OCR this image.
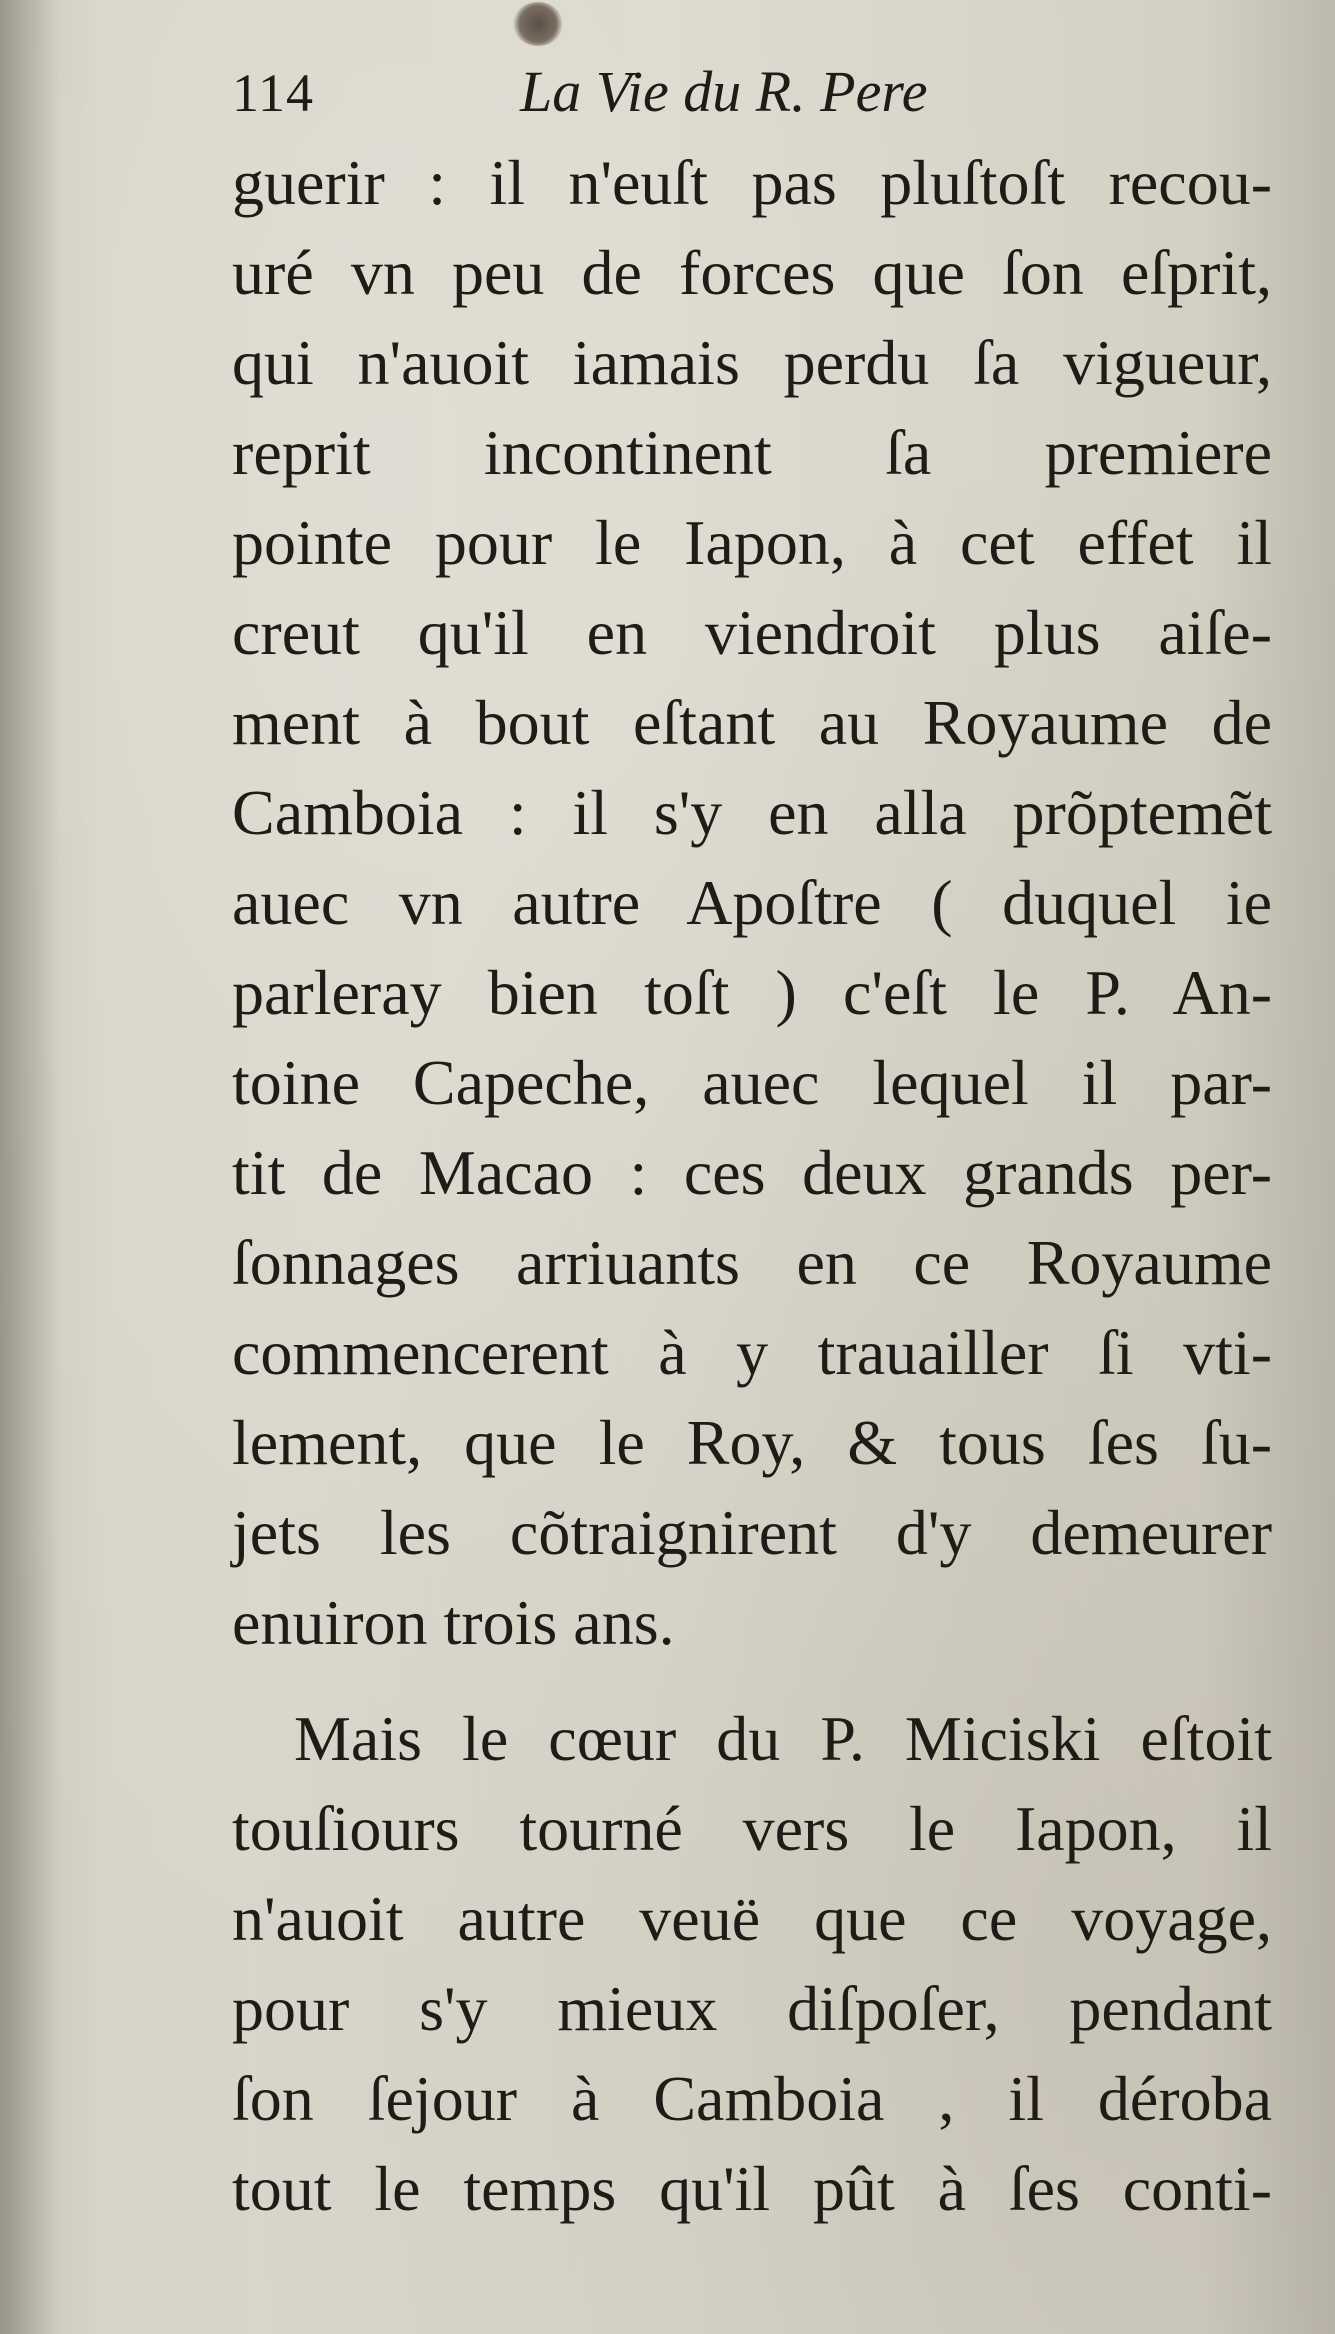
114	La Vie du R. Pere
guerir : il n'euſt pas pluſtoſt recou-
uré vn peu de forces que ſon eſprit,
qui n'auoit iamais perdu ſa vigueur,
reprit incontinent ſa premiere
pointe pour le Iapon, à cet effet il
creut qu'il en viendroit plus aiſe-
ment à bout eſtant au Royaume de
Camboia : il s'y en alla prõptemẽt
auec vn autre Apoſtre ( duquel ie
parleray bien toſt ) c'eſt le P. An-
toine Capeche, auec lequel il par-
tit de Macao : ces deux grands per-
ſonnages arriuants en ce Royaume
commencerent à y trauailler ſi vti-
lement, que le Roy, & tous ſes ſu-
jets les cõtraignirent d'y demeurer
enuiron trois ans.
Mais le cœur du P. Miciski eſtoit
touſiours tourné vers le Iapon, il
n'auoit autre veuë que ce voyage,
pour s'y mieux diſpoſer, pendant
ſon ſejour à Camboia , il déroba
tout le temps qu'il pût à ſes conti-
